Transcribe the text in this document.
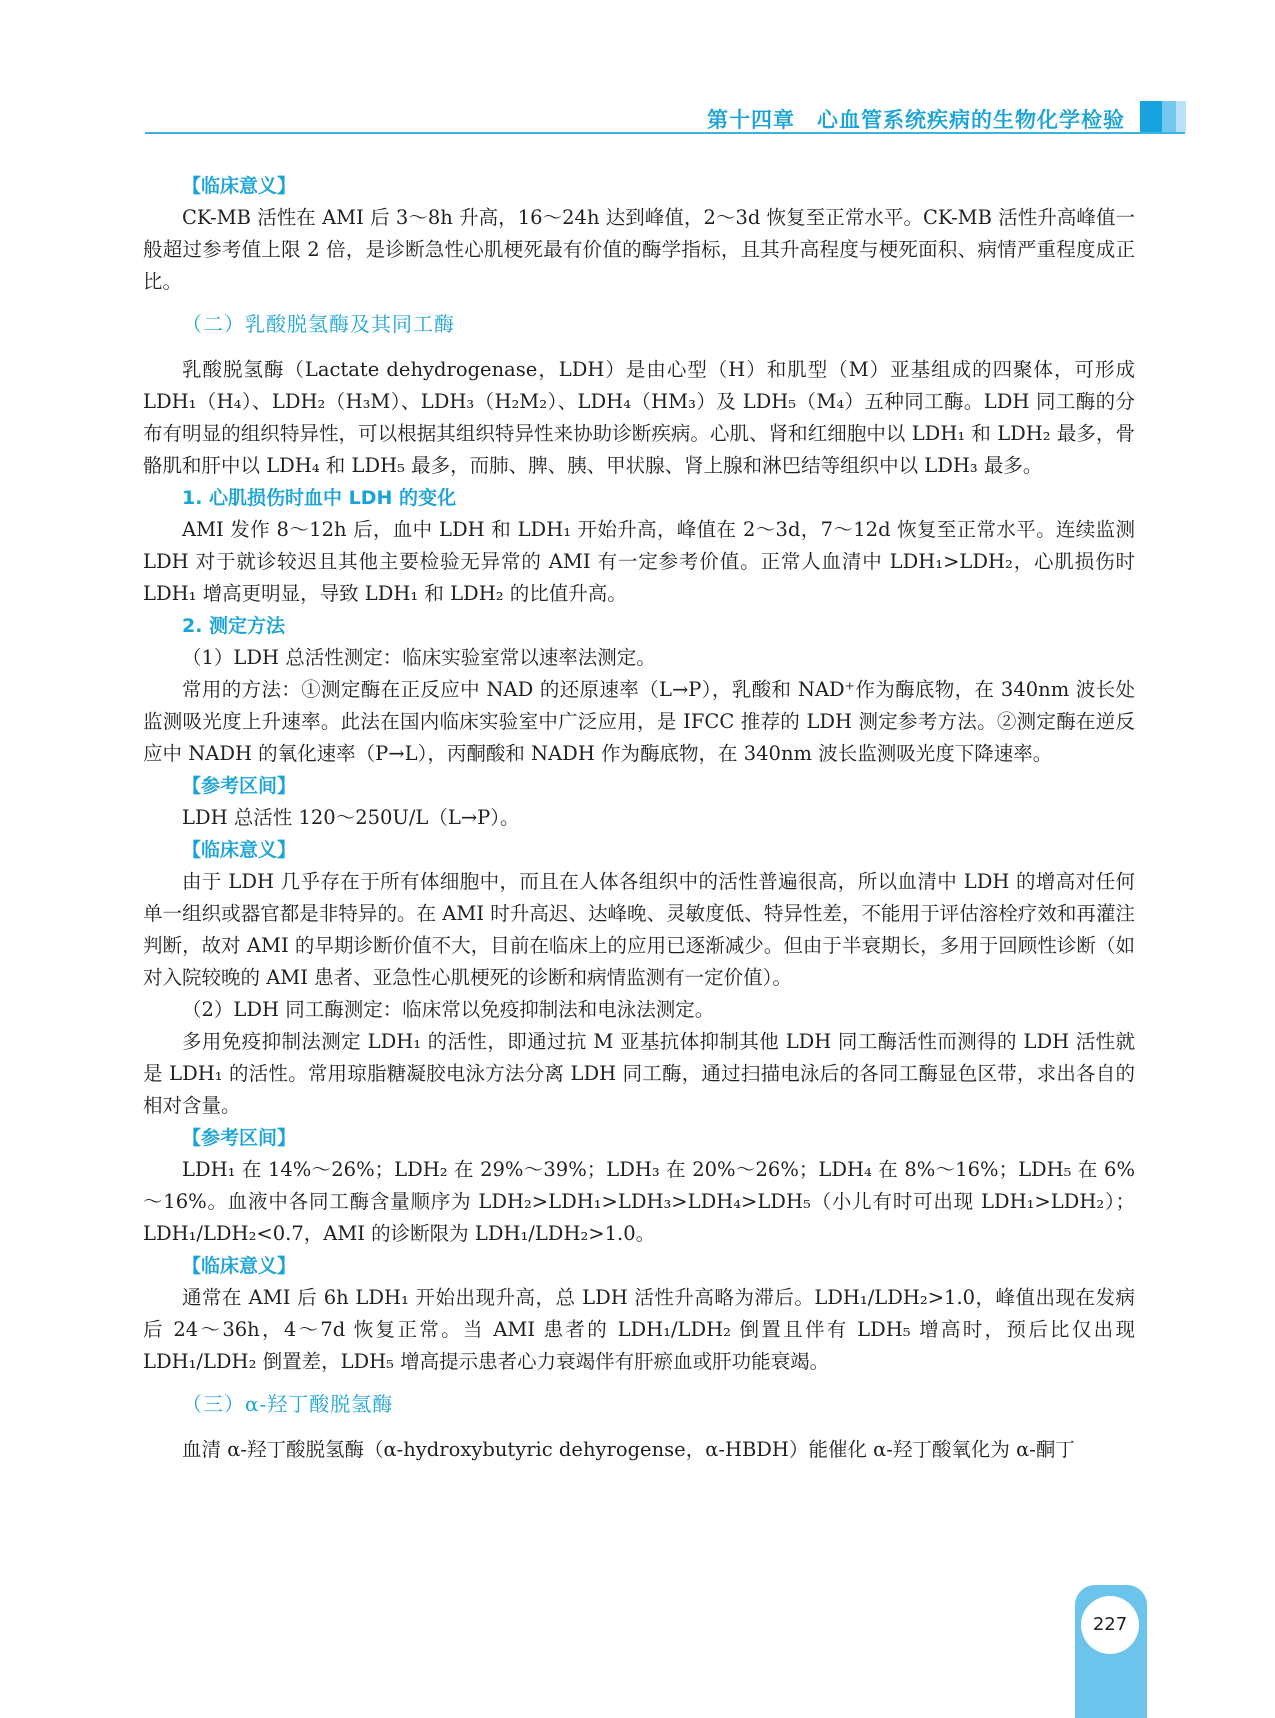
第十四章　心血管系统疾病的生物化学检验
【临床意义】

CK-MB 活性在 AMI 后 3～8h 升高，16～24h 达到峰值，2～3d 恢复至正常水平。CK-MB 活性升高峰值一般超过参考值上限 2 倍，是诊断急性心肌梗死最有价值的酶学指标，且其升高程度与梗死面积、病情严重程度成正比。

（二）乳酸脱氢酶及其同工酶

乳酸脱氢酶（Lactate dehydrogenase，LDH）是由心型（H）和肌型（M）亚基组成的四聚体，可形成 LDH₁（H₄）、LDH₂（H₃M）、LDH₃（H₂M₂）、LDH₄（HM₃）及 LDH₅（M₄）五种同工酶。LDH 同工酶的分布有明显的组织特异性，可以根据其组织特异性来协助诊断疾病。心肌、肾和红细胞中以 LDH₁ 和 LDH₂ 最多，骨骼肌和肝中以 LDH₄ 和 LDH₅ 最多，而肺、脾、胰、甲状腺、肾上腺和淋巴结等组织中以 LDH₃ 最多。

1. 心肌损伤时血中 LDH 的变化

AMI 发作 8～12h 后，血中 LDH 和 LDH₁ 开始升高，峰值在 2～3d，7～12d 恢复至正常水平。连续监测 LDH 对于就诊较迟且其他主要检验无异常的 AMI 有一定参考价值。正常人血清中 LDH₁>LDH₂，心肌损伤时 LDH₁ 增高更明显，导致 LDH₁ 和 LDH₂ 的比值升高。

2. 测定方法

（1）LDH 总活性测定：临床实验室常以速率法测定。

常用的方法：①测定酶在正反应中 NAD 的还原速率（L→P），乳酸和 NAD⁺作为酶底物，在 340nm 波长处监测吸光度上升速率。此法在国内临床实验室中广泛应用，是 IFCC 推荐的 LDH 测定参考方法。②测定酶在逆反应中 NADH 的氧化速率（P→L），丙酮酸和 NADH 作为酶底物，在 340nm 波长监测吸光度下降速率。

【参考区间】

LDH 总活性 120～250U/L（L→P）。

【临床意义】

由于 LDH 几乎存在于所有体细胞中，而且在人体各组织中的活性普遍很高，所以血清中 LDH 的增高对任何单一组织或器官都是非特异的。在 AMI 时升高迟、达峰晚、灵敏度低、特异性差，不能用于评估溶栓疗效和再灌注判断，故对 AMI 的早期诊断价值不大，目前在临床上的应用已逐渐减少。但由于半衰期长，多用于回顾性诊断（如对入院较晚的 AMI 患者、亚急性心肌梗死的诊断和病情监测有一定价值）。

（2）LDH 同工酶测定：临床常以免疫抑制法和电泳法测定。

多用免疫抑制法测定 LDH₁ 的活性，即通过抗 M 亚基抗体抑制其他 LDH 同工酶活性而测得的 LDH 活性就是 LDH₁ 的活性。常用琼脂糖凝胶电泳方法分离 LDH 同工酶，通过扫描电泳后的各同工酶显色区带，求出各自的相对含量。

【参考区间】

LDH₁ 在 14%～26%；LDH₂ 在 29%～39%；LDH₃ 在 20%～26%；LDH₄ 在 8%～16%；LDH₅ 在 6%～16%。血液中各同工酶含量顺序为 LDH₂>LDH₁>LDH₃>LDH₄>LDH₅（小儿有时可出现 LDH₁>LDH₂）；LDH₁/LDH₂<0.7，AMI 的诊断限为 LDH₁/LDH₂>1.0。

【临床意义】

通常在 AMI 后 6h LDH₁ 开始出现升高，总 LDH 活性升高略为滞后。LDH₁/LDH₂>1.0，峰值出现在发病后 24～36h，4～7d 恢复正常。当 AMI 患者的 LDH₁/LDH₂ 倒置且伴有 LDH₅ 增高时，预后比仅出现 LDH₁/LDH₂ 倒置差，LDH₅ 增高提示患者心力衰竭伴有肝瘀血或肝功能衰竭。

（三）α-羟丁酸脱氢酶

血清 α-羟丁酸脱氢酶（α-hydroxybutyric dehyrogense，α-HBDH）能催化 α-羟丁酸氧化为 α-酮丁

227
